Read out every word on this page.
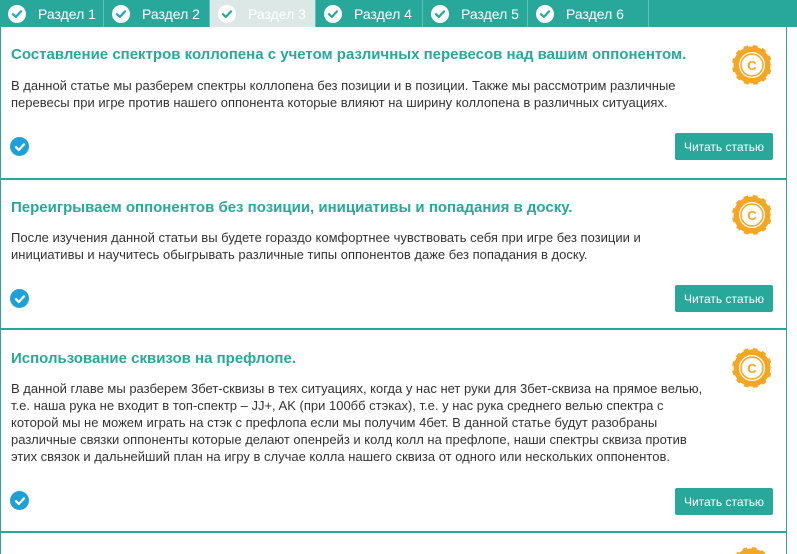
Раздел 1	Раздел 2	Раздел 3	Раздел 4	Раздел 5	Раздел 6
Составление спектров коллопена с учетом различных перевесов над вашим оппонентом.
В данной статье мы разберем спектры коллопена без позиции и в позиции. Также мы рассмотрим различные перевесы при игре против нашего оппонента которые влияют на ширину коллопена в различных ситуациях.
C
Читать статью
Переигрываем оппонентов без позиции, инициативы и попадания в доску.
После изучения данной статьи вы будете гораздо комфортнее чувствовать себя при игре без позиции и инициативы и научитесь обыгрывать различные типы оппонентов даже без попадания в доску.
C
Читать статью
Использование сквизов на префлопе.
В данной главе мы разберем 3бет-сквизы в тех ситуациях, когда у нас нет руки для 3бет-сквиза на прямое велью, т.е. наша рука не входит в топ-спектр – JJ+, AK (при 100бб стэках), т.е. у нас рука среднего велью спектра с которой мы не можем играть на стэк с префлопа если мы получим 4бет. В данной статье будут разобраны различные связки оппоненты которые делают опенрейз и колд колл на префлопе, наши спектры сквиза против этих связок и дальнейший план на игру в случае колла нашего сквиза от одного или нескольких оппонентов.
C
Читать статью
